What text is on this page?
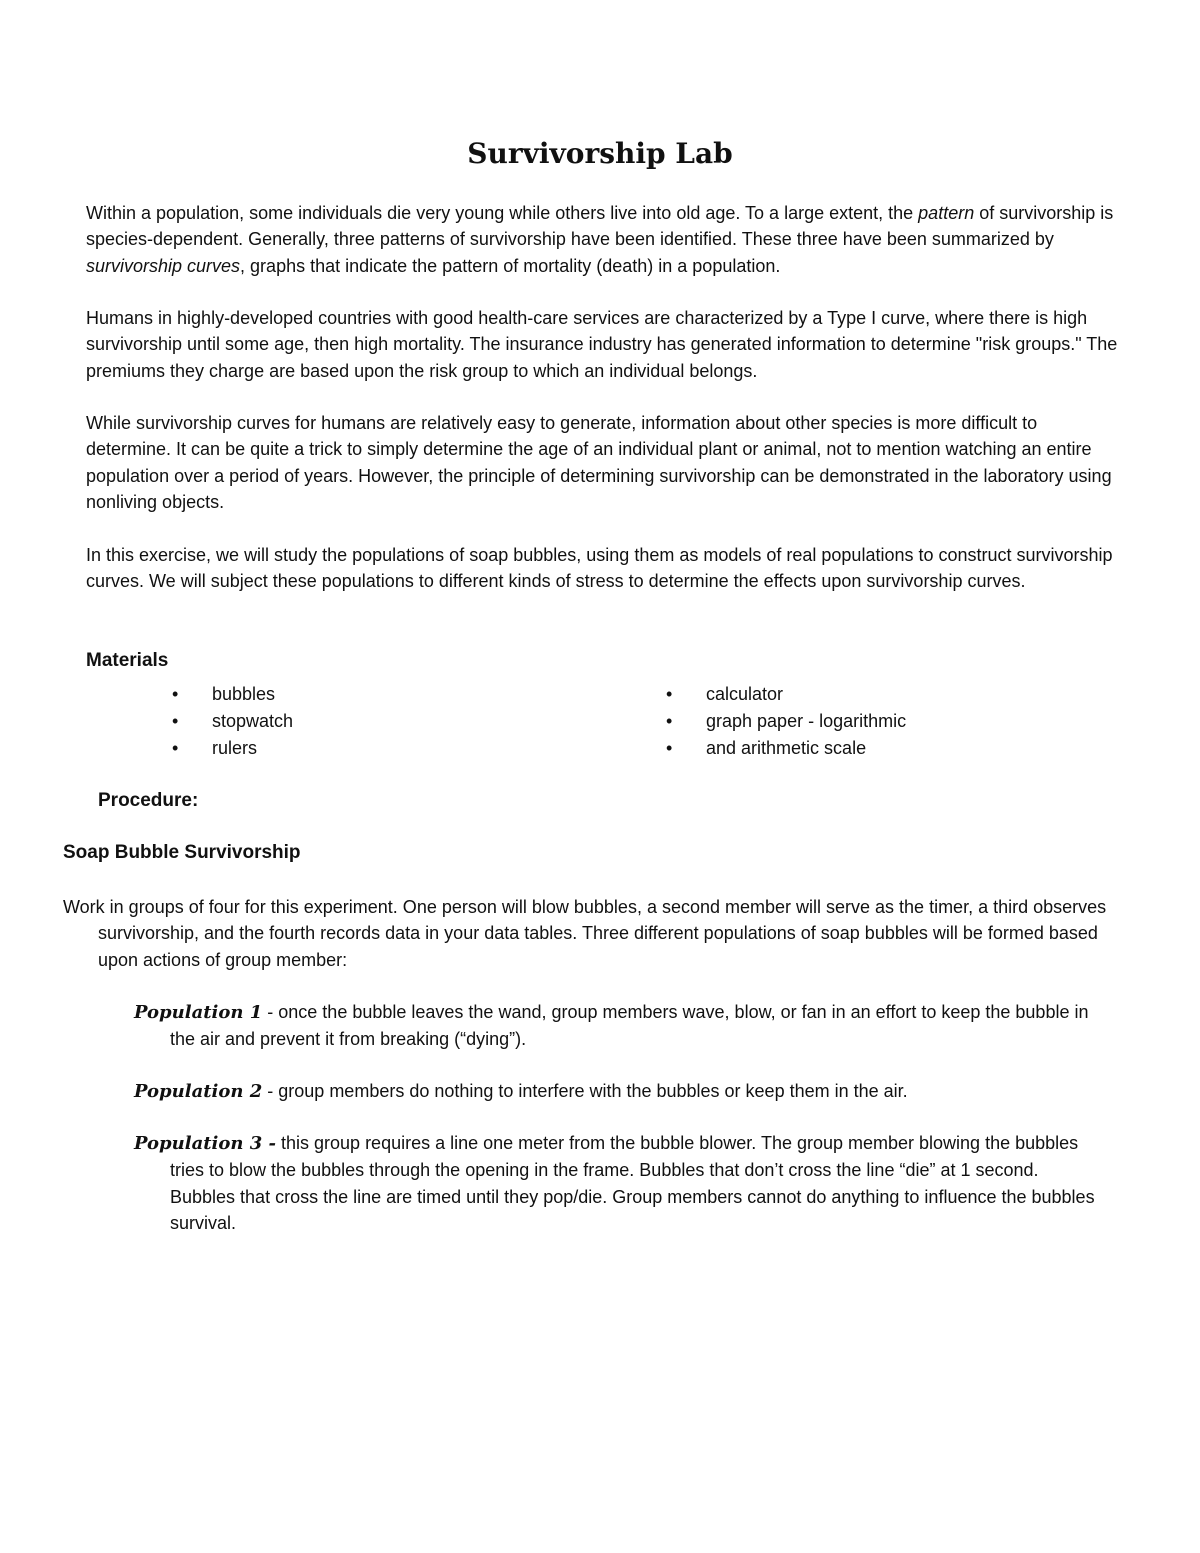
Survivorship Lab

Within a population, some individuals die very young while others live into old age. To a large extent, the pattern of survivorship is species-dependent. Generally, three patterns of survivorship have been identified. These three have been summarized by survivorship curves, graphs that indicate the pattern of mortality (death) in a population.

Humans in highly-developed countries with good health-care services are characterized by a Type I curve, where there is high survivorship until some age, then high mortality. The insurance industry has generated information to determine "risk groups." The premiums they charge are based upon the risk group to which an individual belongs.

While survivorship curves for humans are relatively easy to generate, information about other species is more difficult to determine. It can be quite a trick to simply determine the age of an individual plant or animal, not to mention watching an entire population over a period of years. However, the principle of determining survivorship can be demonstrated in the laboratory using nonliving objects.

In this exercise, we will study the populations of soap bubbles, using them as models of real populations to construct survivorship curves. We will subject these populations to different kinds of stress to determine the effects upon survivorship curves.

Materials
• bubbles
• stopwatch
• rulers
• calculator
• graph paper - logarithmic
• and arithmetic scale
Procedure:
Soap Bubble Survivorship

Work in groups of four for this experiment. One person will blow bubbles, a second member will serve as the timer, a third observes survivorship, and the fourth records data in your data tables. Three different populations of soap bubbles will be formed based upon actions of group member:

Population 1 - once the bubble leaves the wand, group members wave, blow, or fan in an effort to keep the bubble in the air and prevent it from breaking (“dying”).

Population 2 - group members do nothing to interfere with the bubbles or keep them in the air.

Population 3 - this group requires a line one meter from the bubble blower. The group member blowing the bubbles tries to blow the bubbles through the opening in the frame. Bubbles that don’t cross the line “die” at 1 second. Bubbles that cross the line are timed until they pop/die. Group members cannot do anything to influence the bubbles survival.
